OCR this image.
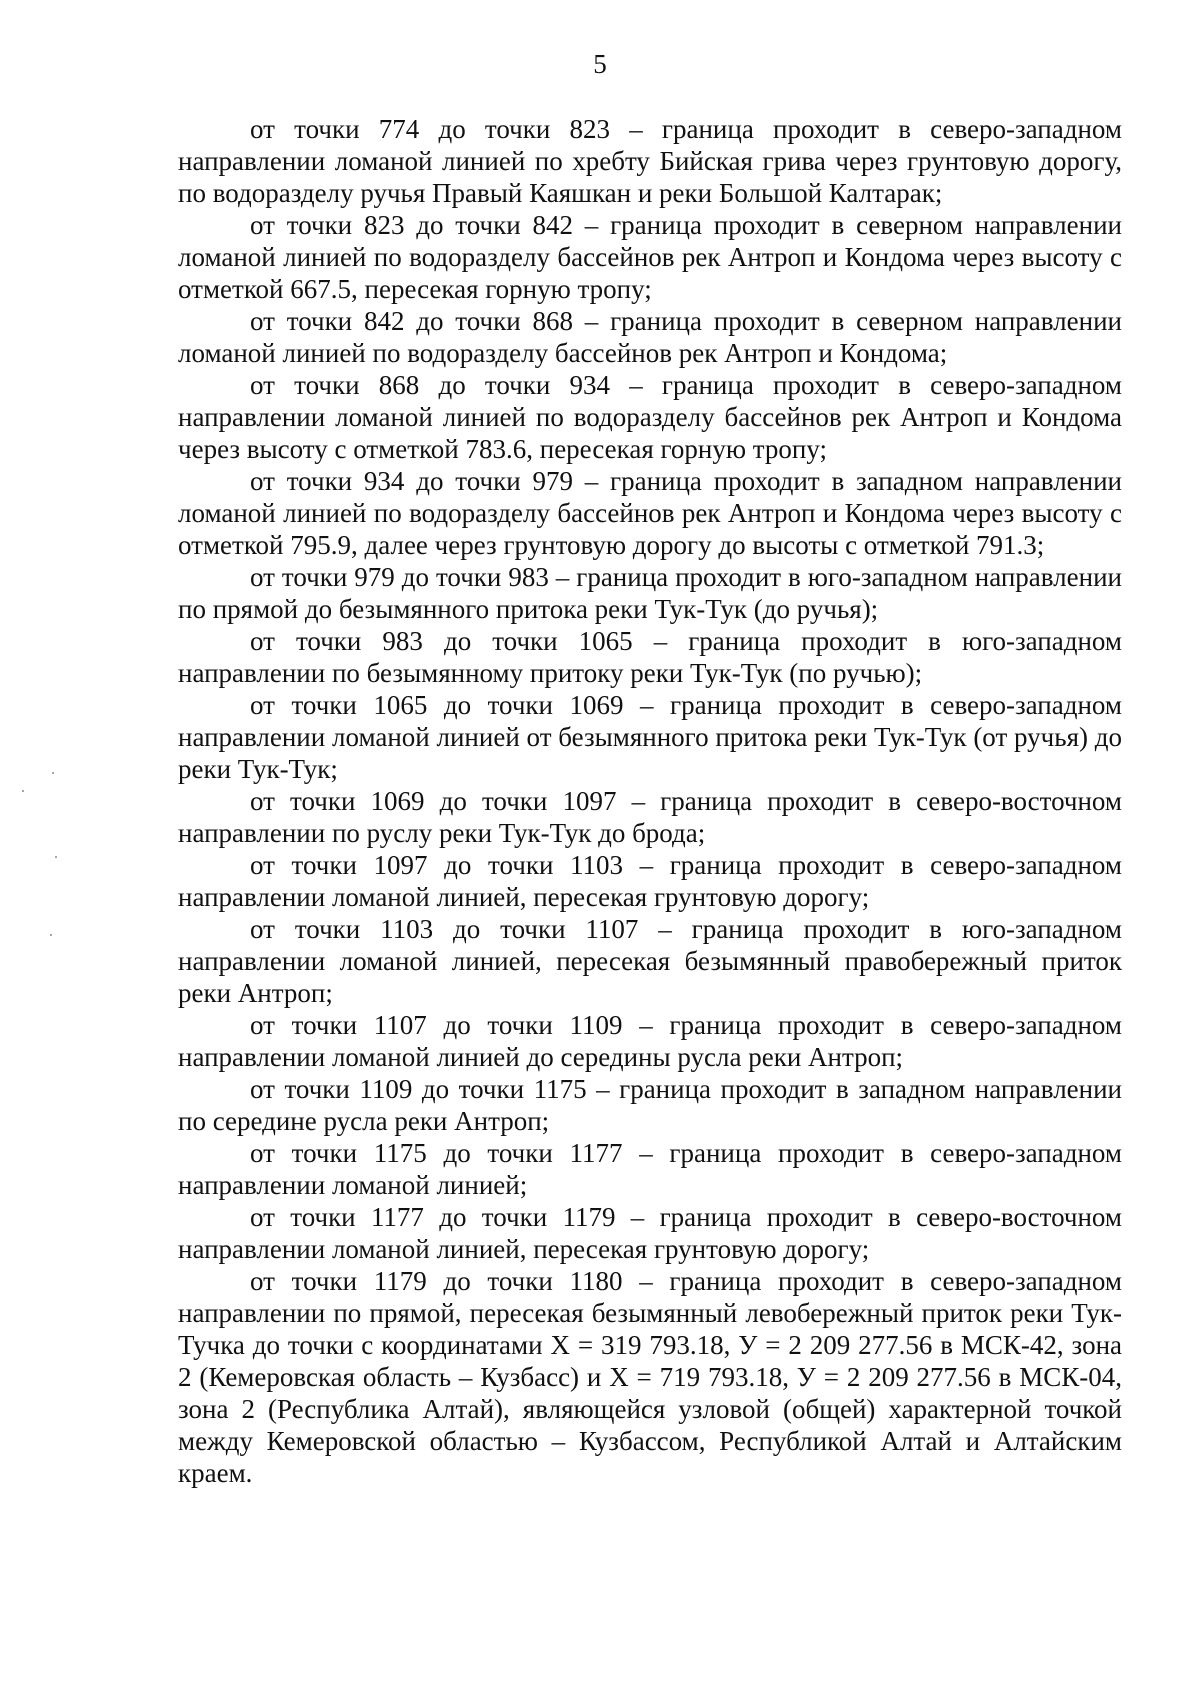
5

от точки 774 до точки 823 – граница проходит в северо-западном направлении ломаной линией по хребту Бийская грива через грунтовую дорогу, по водоразделу ручья Правый Каяшкан и реки Большой Калтарак;

от точки 823 до точки 842 – граница проходит в северном направлении ломаной линией по водоразделу бассейнов рек Антроп и Кондома через высоту с отметкой 667.5, пересекая горную тропу;

от точки 842 до точки 868 – граница проходит в северном направлении ломаной линией по водоразделу бассейнов рек Антроп и Кондома;

от точки 868 до точки 934 – граница проходит в северо-западном направлении ломаной линией по водоразделу бассейнов рек Антроп и Кондома через высоту с отметкой 783.6, пересекая горную тропу;

от точки 934 до точки 979 – граница проходит в западном направлении ломаной линией по водоразделу бассейнов рек Антроп и Кондома через высоту с отметкой 795.9, далее через грунтовую дорогу до высоты с отметкой 791.3;

от точки 979 до точки 983 – граница проходит в юго-западном направлении по прямой до безымянного притока реки Тук-Тук (до ручья);

от точки 983 до точки 1065 – граница проходит в юго-западном направлении по безымянному притоку реки Тук-Тук (по ручью);

от точки 1065 до точки 1069 – граница проходит в северо-западном направлении ломаной линией от безымянного притока реки Тук-Тук (от ручья) до реки Тук-Тук;

от точки 1069 до точки 1097 – граница проходит в северо-восточном направлении по руслу реки Тук-Тук до брода;

от точки 1097 до точки 1103 – граница проходит в северо-западном направлении ломаной линией, пересекая грунтовую дорогу;

от точки 1103 до точки 1107 – граница проходит в юго-западном направлении ломаной линией, пересекая безымянный правобережный приток реки Антроп;

от точки 1107 до точки 1109 – граница проходит в северо-западном направлении ломаной линией до середины русла реки Антроп;

от точки 1109 до точки 1175 – граница проходит в западном направлении по середине русла реки Антроп;

от точки 1175 до точки 1177 – граница проходит в северо-западном направлении ломаной линией;

от точки 1177 до точки 1179 – граница проходит в северо-восточном направлении ломаной линией, пересекая грунтовую дорогу;

от точки 1179 до точки 1180 – граница проходит в северо-западном направлении по прямой, пересекая безымянный левобережный приток реки Тук-Тучка до точки с координатами X = 319 793.18, У = 2 209 277.56 в МСК-42, зона 2 (Кемеровская область – Кузбасс) и X = 719 793.18, У = 2 209 277.56 в МСК-04, зона 2 (Республика Алтай), являющейся узловой (общей) характерной точкой между Кемеровской областью – Кузбассом, Республикой Алтай и Алтайским краем.
